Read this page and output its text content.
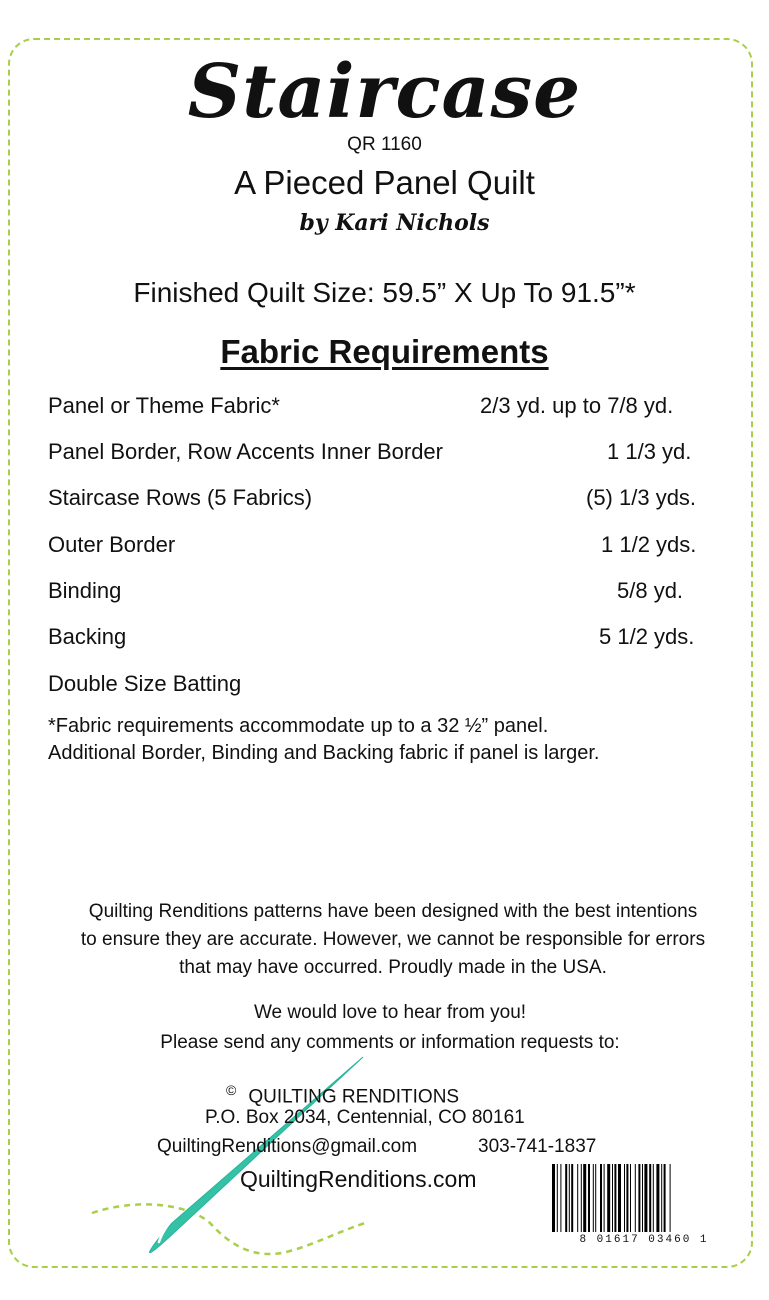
Staircase
QR 1160
A Pieced Panel Quilt
by Kari Nichols
Finished Quilt Size: 59.5” X Up To 91.5”*
Fabric Requirements
Panel or Theme Fabric*	2/3 yd. up to 7/8 yd.
Panel Border, Row Accents Inner Border	1 1/3 yd.
Staircase Rows (5 Fabrics)	(5) 1/3 yds.
Outer Border	1 1/2 yds.
Binding	5/8 yd.
Backing	5 1/2 yds.
Double Size Batting
*Fabric requirements accommodate up to a 32 ½” panel.
Additional Border, Binding and Backing fabric if panel is larger.
Quilting Renditions patterns have been designed with the best intentions
to ensure they are accurate. However, we cannot be responsible for errors
that may have occurred. Proudly made in the USA.
We would love to hear from you!
Please send any comments or information requests to:
© QUILTING RENDITIONS
P.O. Box 2034, Centennial, CO 80161
QuiltingRenditions@gmail.com	303-741-1837
QuiltingRenditions.com
8 01617 03460 1
